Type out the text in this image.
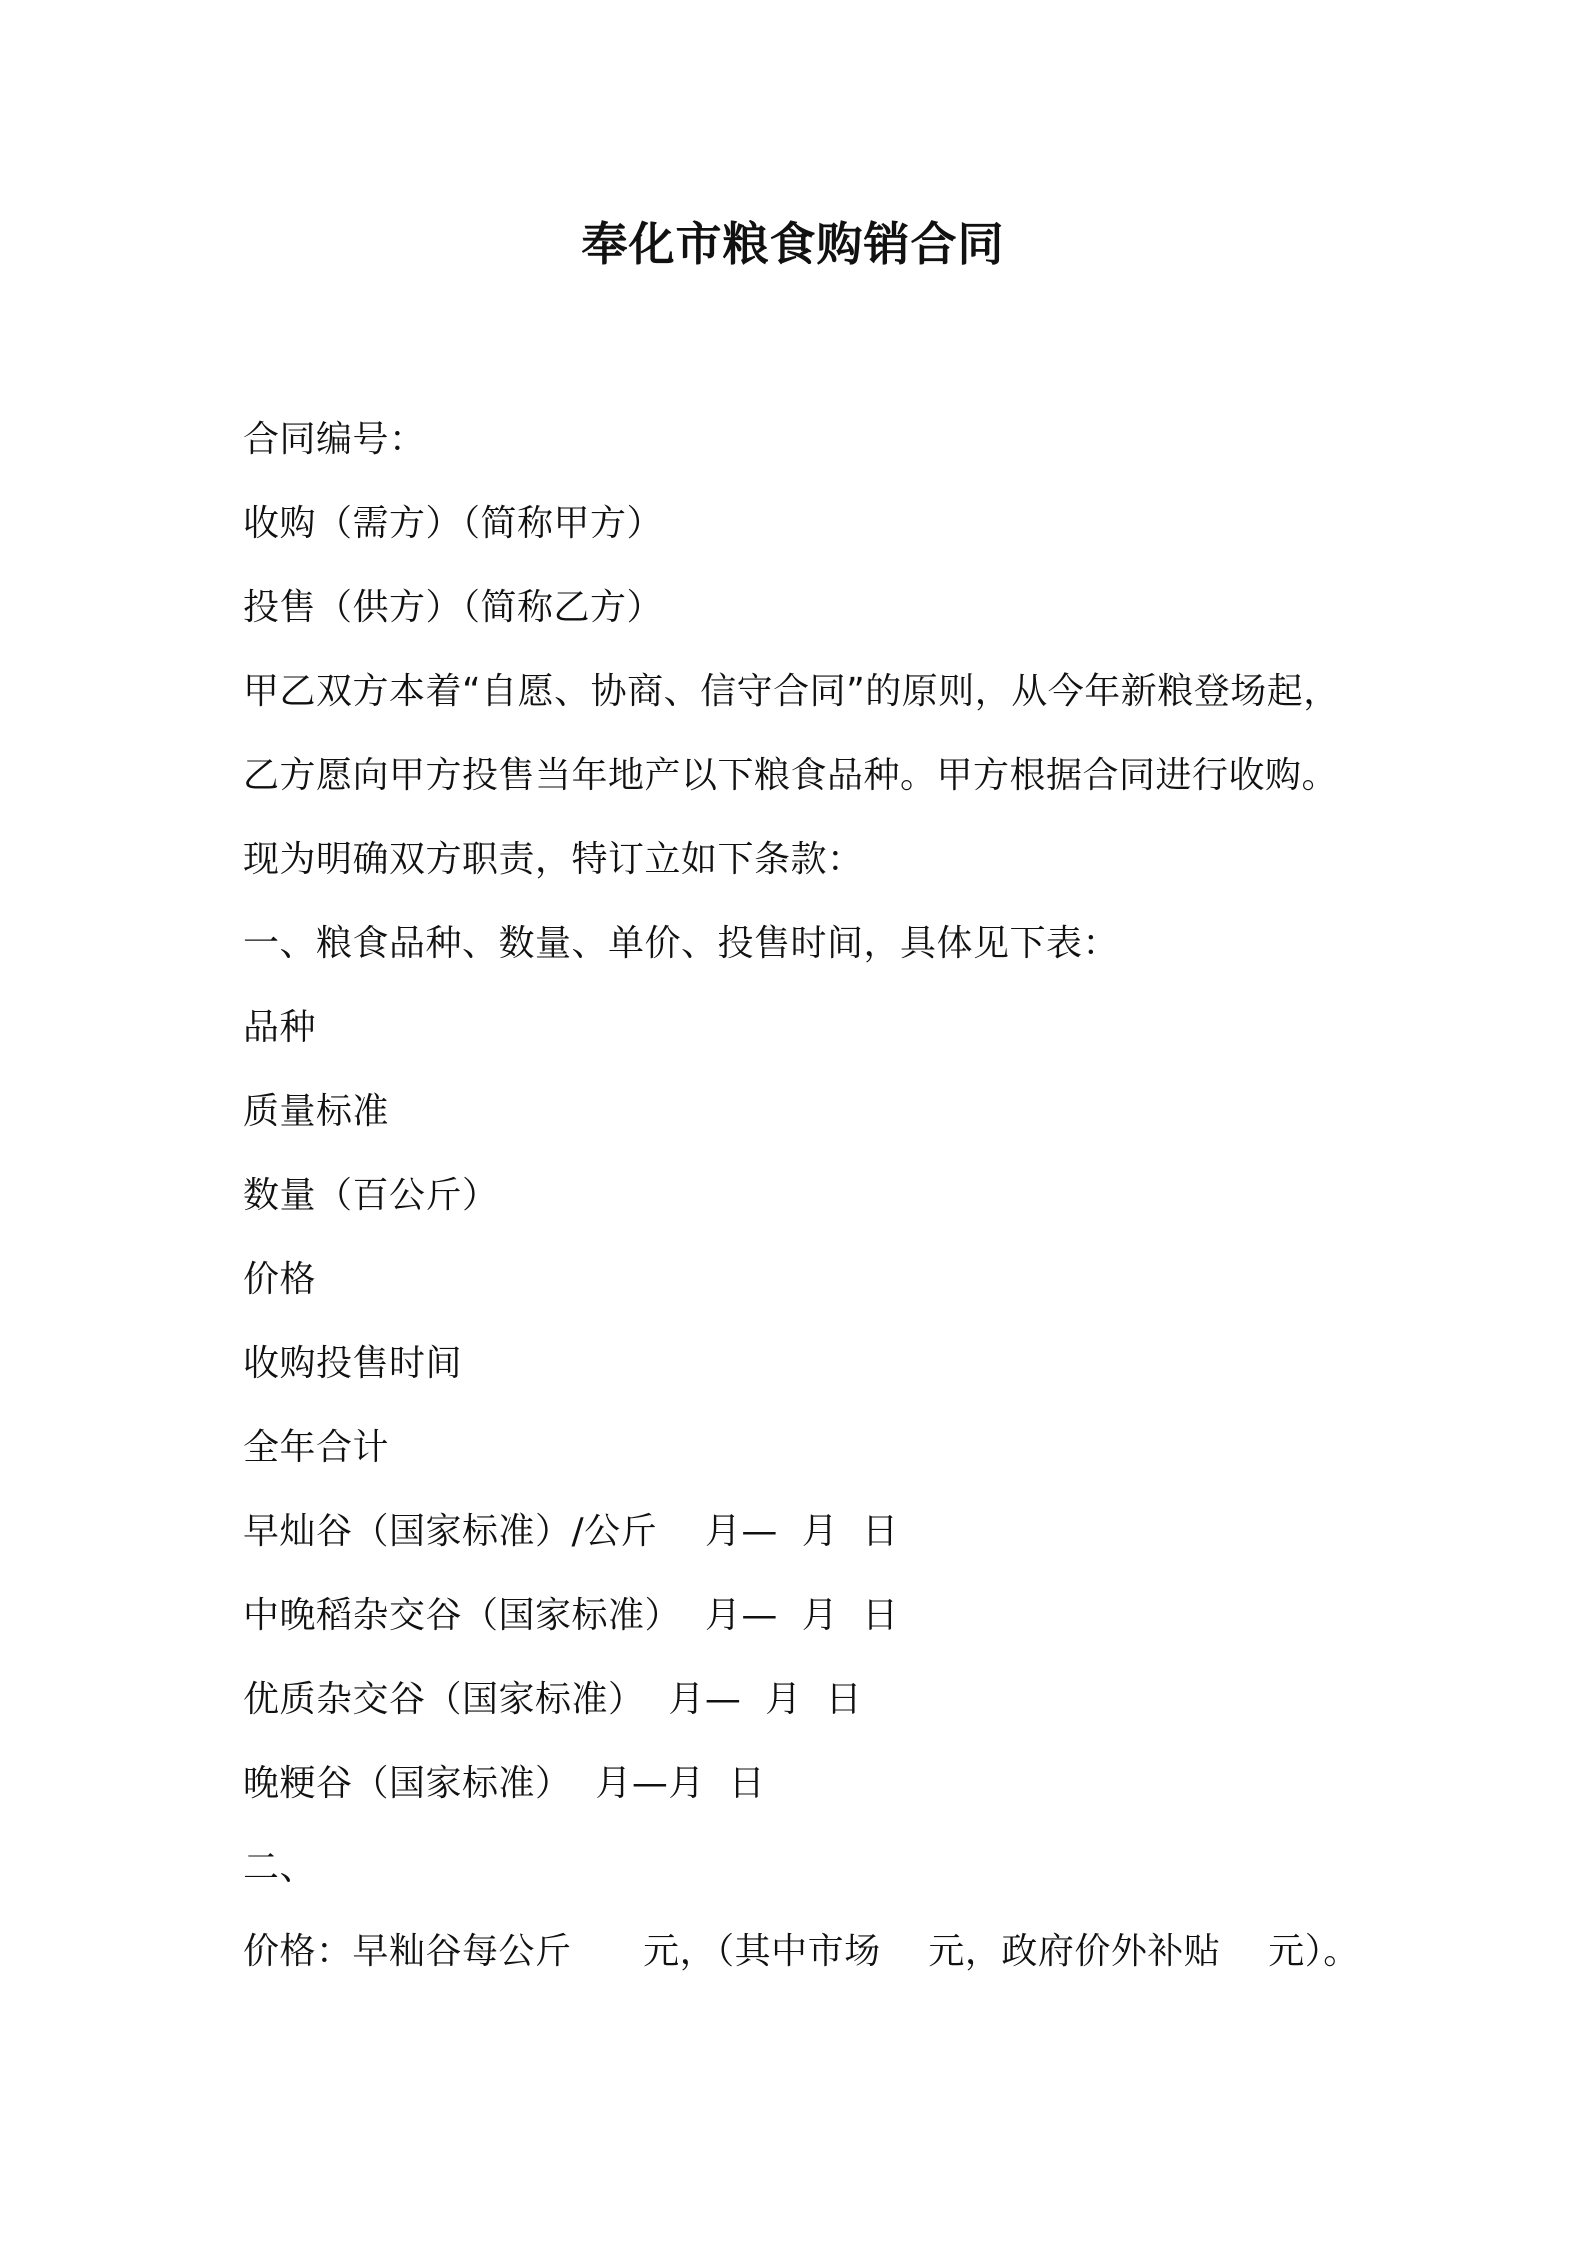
奉化市粮食购销合同
合同编号：
收购（需方）（简称甲方）
投售（供方）（简称乙方）
甲乙双方本着“自愿、协商、信守合同”的原则，从今年新粮登场起，
乙方愿向甲方投售当年地产以下粮食品种。甲方根据合同进行收购。
现为明确双方职责，特订立如下条款：
一、粮食品种、数量、单价、投售时间，具体见下表：
品种
质量标准
数量（百公斤）
价格
收购投售时间
全年合计
早灿谷（国家标准）/公斤    月—  月  日
中晚稻杂交谷（国家标准）  月—  月  日
优质杂交谷（国家标准）  月—  月  日
晚粳谷（国家标准）  月—月  日
二、
价格：早籼谷每公斤      元，（其中市场    元，政府价外补贴    元）。
